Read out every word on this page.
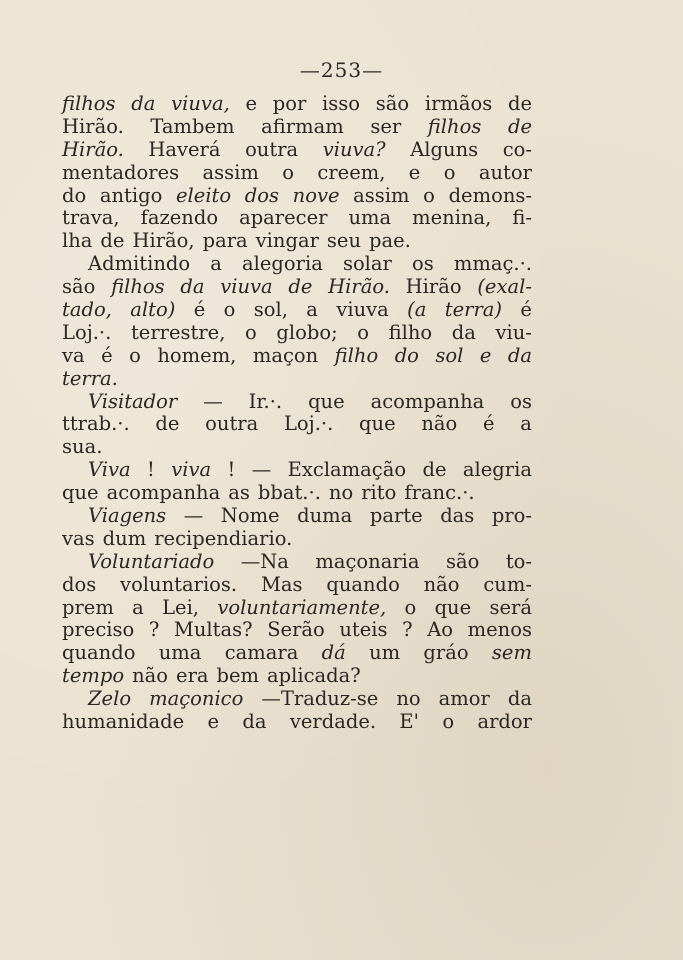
—253—
filhos da viuva, e por isso são irmãos de
Hirão. Tambem afirmam ser filhos de
Hirão. Haverá outra viuva? Alguns co-
mentadores assim o creem, e o autor
do antigo eleito dos nove assim o demons-
trava, fazendo aparecer uma menina, fi-
lha de Hirão, para vingar seu pae.
Admitindo a alegoria solar os mmaç.·.
são filhos da viuva de Hirão. Hirão (exal-
tado, alto) é o sol, a viuva (a terra) é
Loj.·. terrestre, o globo; o filho da viu-
va é o homem, maçon filho do sol e da
terra.
Visitador — Ir.·. que acompanha os
ttrab.·. de outra Loj.·. que não é a
sua.
Viva ! viva ! — Exclamação de alegria
que acompanha as bbat.·. no rito franc.·.
Viagens — Nome duma parte das pro-
vas dum recipendiario.
Voluntariado —Na maçonaria são to-
dos voluntarios. Mas quando não cum-
prem a Lei, voluntariamente, o que será
preciso ? Multas? Serão uteis ? Ao menos
quando uma camara dá um gráo sem
tempo não era bem aplicada?
Zelo maçonico —Traduz-se no amor da
humanidade e da verdade. E' o ardor
